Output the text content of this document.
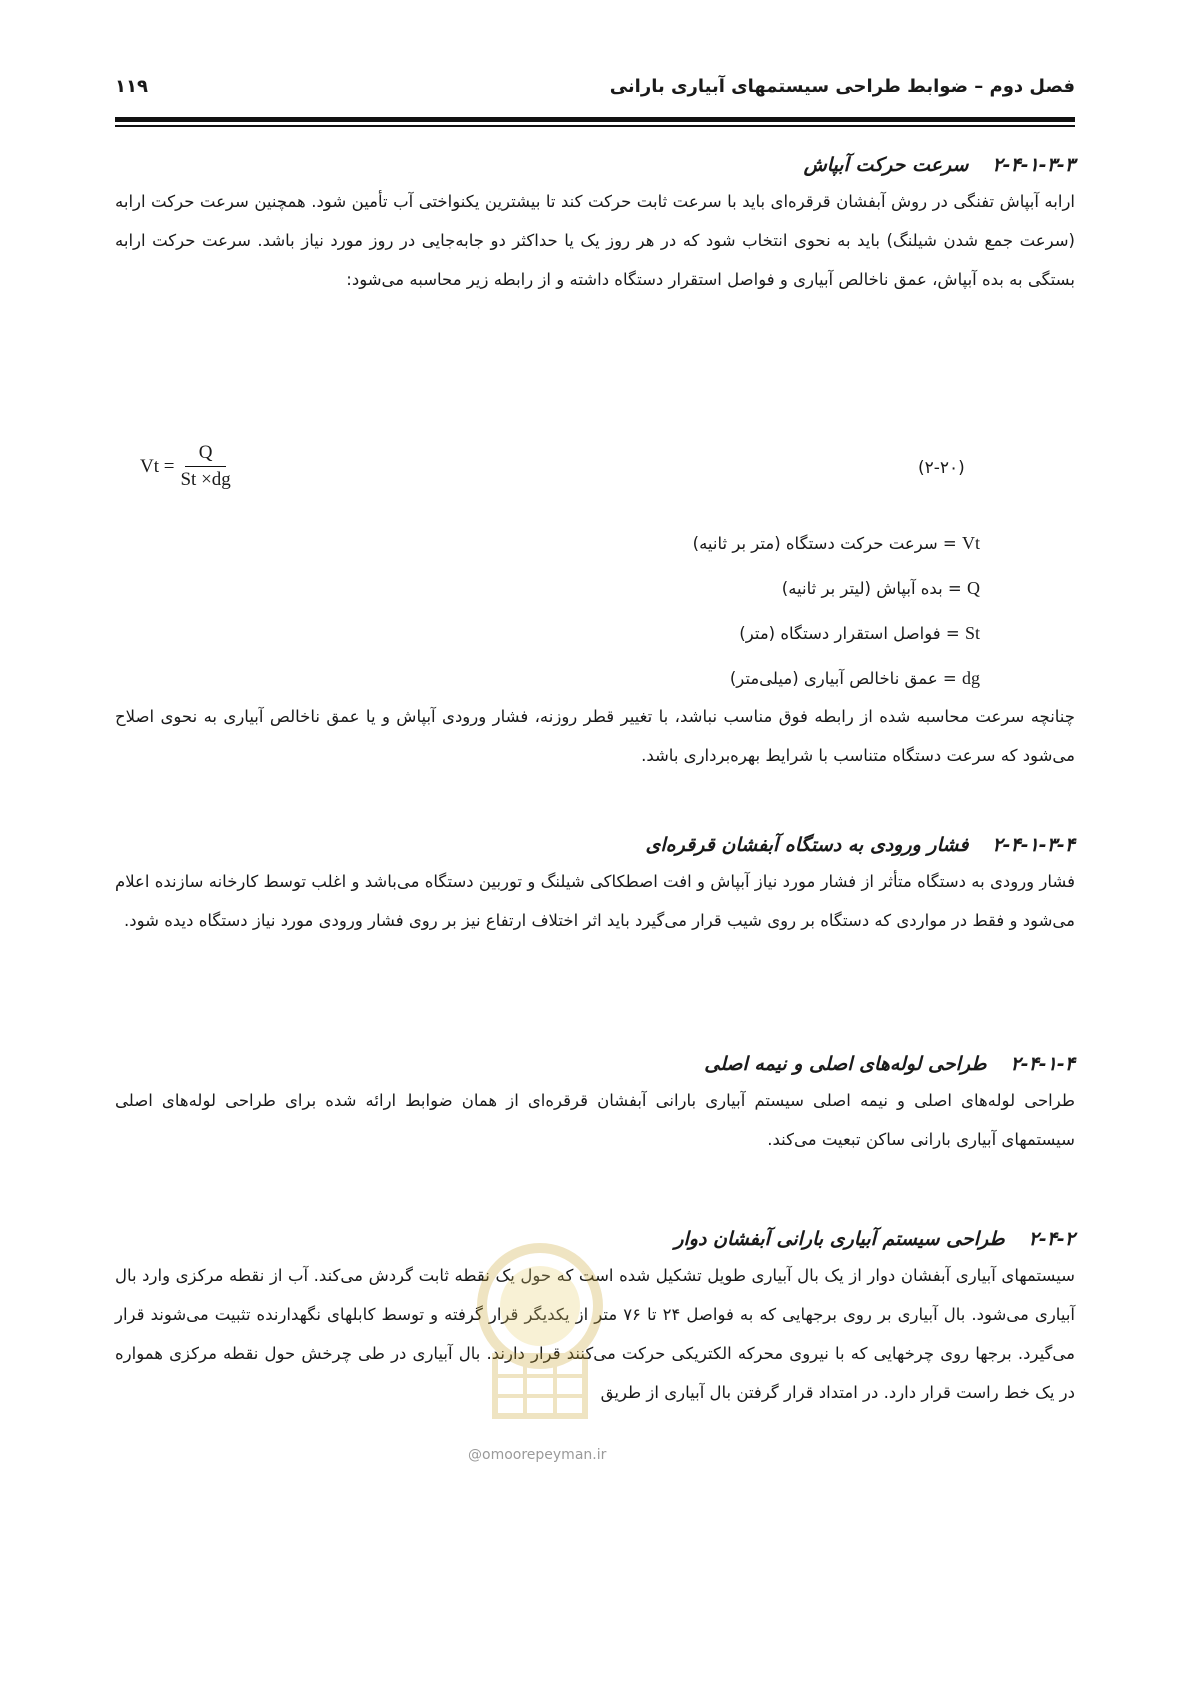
فصل دوم – ضوابط طراحی سیستمهای آبیاری بارانی
۱۱۹
۲-۴-۱-۳-۳سرعت حرکت آبپاش

ارابه آبپاش تفنگی در روش آبفشان قرقره‌ای باید با سرعت ثابت حرکت کند تا بیشترین یکنواختی آب تأمین شود. همچنین سرعت حرکت ارابه (سرعت جمع شدن شیلنگ) باید به نحوی انتخاب شود که در هر روز یک یا حداکثر دو جابه‌جایی در روز مورد نیاز باشد. سرعت حرکت ارابه بستگی به بده آبپاش، عمق ناخالص آبیاری و فواصل استقرار دستگاه داشته و از رابطه زیر محاسبه می‌شود:

$Vt = \frac{Q}{St \times dg}$	(۲-۲۰)
Vt = سرعت حرکت دستگاه (متر بر ثانیه)
Q = بده آبپاش (لیتر بر ثانیه)
St = فواصل استقرار دستگاه (متر)
dg = عمق ناخالص آبیاری (میلی‌متر)

چنانچه سرعت محاسبه شده از رابطه فوق مناسب نباشد، با تغییر قطر روزنه، فشار ورودی آبپاش و یا عمق ناخالص آبیاری به نحوی اصلاح می‌شود که سرعت دستگاه متناسب با شرایط بهره‌برداری باشد.

۲-۴-۱-۳-۴فشار ورودی به دستگاه آبفشان قرقره‌ای

فشار ورودی به دستگاه متأثر از فشار مورد نیاز آبپاش و افت اصطکاکی شیلنگ و توربین دستگاه می‌باشد و اغلب توسط کارخانه سازنده اعلام می‌شود و فقط در مواردی که دستگاه بر روی شیب قرار می‌گیرد باید اثر اختلاف ارتفاع نیز بر روی فشار ورودی مورد نیاز دستگاه دیده شود.

۲-۴-۱-۴طراحی لوله‌های اصلی و نیمه اصلی

طراحی لوله‌های اصلی و نیمه اصلی سیستم آبیاری بارانی آبفشان قرقره‌ای از همان ضوابط ارائه شده برای طراحی لوله‌های اصلی سیستمهای آبیاری بارانی ساکن تبعیت می‌کند.

۲-۴-۲طراحی سیستم آبیاری بارانی آبفشان دوار

سیستمهای آبیاری آبفشان دوار از یک بال آبیاری طویل تشکیل شده است که حول یک نقطه ثابت گردش می‌کند. آب از نقطه مرکزی وارد بال آبیاری می‌شود. بال آبیاری بر روی برجهایی که به فواصل ۲۴ تا ۷۶ متر از یکدیگر قرار گرفته و توسط کابلهای نگهدارنده تثبیت می‌شوند قرار می‌گیرد. برجها روی چرخهایی که با نیروی محرکه الکتریکی حرکت می‌کنند قرار دارند. بال آبیاری در طی چرخش حول نقطه مرکزی همواره در یک خط راست قرار دارد. در امتداد قرار گرفتن بال آبیاری از طریق

@omoorepeyman.ir
